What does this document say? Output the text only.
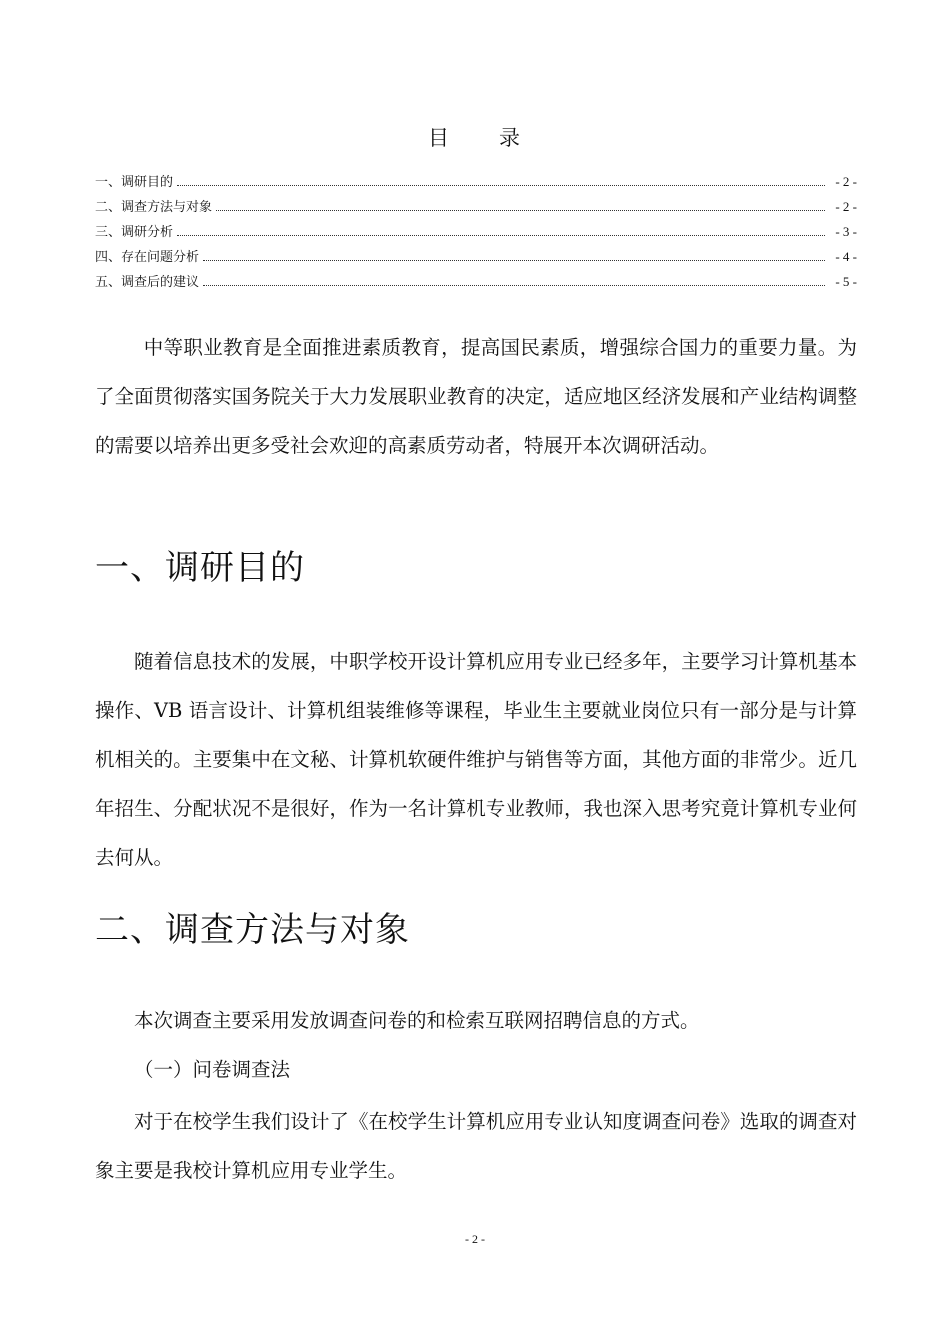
目 录
一、调研目的	- 2 -
二、调查方法与对象	- 2 -
三、调研分析	- 3 -
四、存在问题分析	- 4 -
五、调查后的建议	- 5 -
中等职业教育是全面推进素质教育，提高国民素质，增强综合国力的重要力量。为了全面贯彻落实国务院关于大力发展职业教育的决定，适应地区经济发展和产业结构调整的需要以培养出更多受社会欢迎的高素质劳动者，特展开本次调研活动。
一、调研目的
随着信息技术的发展，中职学校开设计算机应用专业已经多年，主要学习计算机基本操作、VB 语言设计、计算机组装维修等课程，毕业生主要就业岗位只有一部分是与计算机相关的。主要集中在文秘、计算机软硬件维护与销售等方面，其他方面的非常少。近几年招生、分配状况不是很好，作为一名计算机专业教师，我也深入思考究竟计算机专业何去何从。
二、调查方法与对象
本次调查主要采用发放调查问卷的和检索互联网招聘信息的方式。
（一）问卷调查法
对于在校学生我们设计了《在校学生计算机应用专业认知度调查问卷》选取的调查对象主要是我校计算机应用专业学生。
- 2 -
